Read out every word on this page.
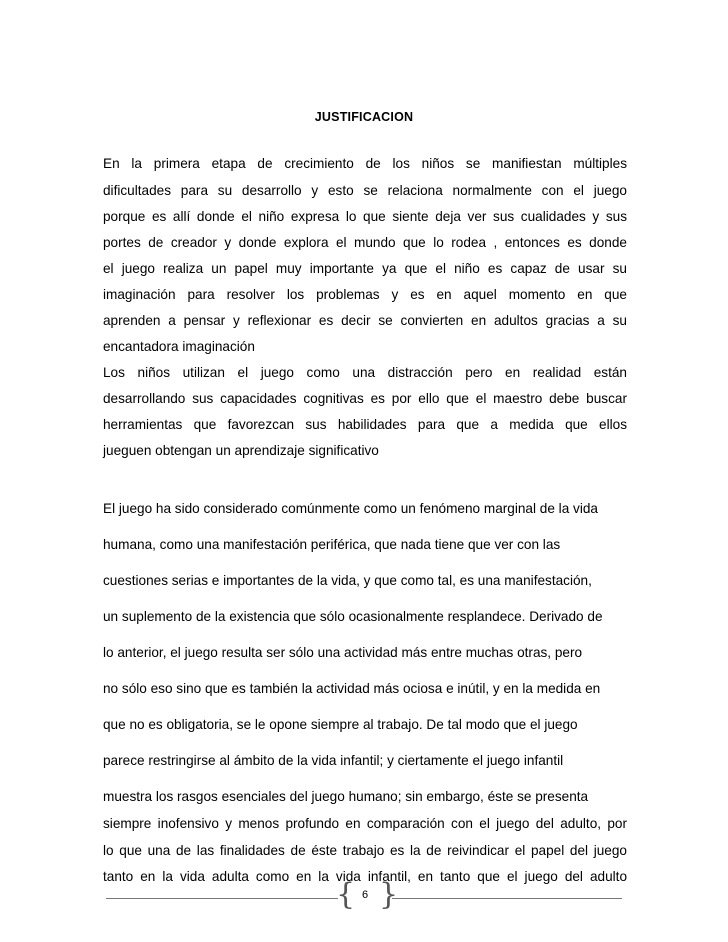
JUSTIFICACION
En la primera etapa de crecimiento de los niños se manifiestan múltiples
dificultades para su desarrollo y esto se relaciona normalmente con el juego
porque es allí donde el niño expresa lo que siente deja ver sus cualidades y sus
portes de creador y donde explora el mundo que lo rodea , entonces es donde
el juego realiza un papel muy importante ya que el niño es capaz de usar su
imaginación para resolver los problemas y es en aquel momento en que
aprenden a pensar y reflexionar es decir se convierten en adultos gracias a su
encantadora imaginación
Los niños utilizan el juego como una distracción pero en realidad están
desarrollando sus capacidades cognitivas es por ello que el maestro debe buscar
herramientas que favorezcan sus habilidades para que a medida que ellos
jueguen obtengan un aprendizaje significativo
El juego ha sido considerado comúnmente como un fenómeno marginal de la vida
humana, como una manifestación periférica, que nada tiene que ver con las
cuestiones serias e importantes de la vida, y que como tal, es una manifestación,
un suplemento de la existencia que sólo ocasionalmente resplandece. Derivado de
lo anterior, el juego resulta ser sólo una actividad más entre muchas otras, pero
no sólo eso sino que es también la actividad más ociosa e inútil, y en la medida en
que no es obligatoria, se le opone siempre al trabajo. De tal modo que el juego
parece restringirse al ámbito de la vida infantil; y ciertamente el juego infantil
muestra los rasgos esenciales del juego humano; sin embargo, éste se presenta
siempre inofensivo y menos profundo en comparación con el juego del adulto, por
lo que una de las finalidades de éste trabajo es la de reivindicar el papel del juego
tanto en la vida adulta como en la vida infantil, en tanto que el juego del adulto
{ 6 }
